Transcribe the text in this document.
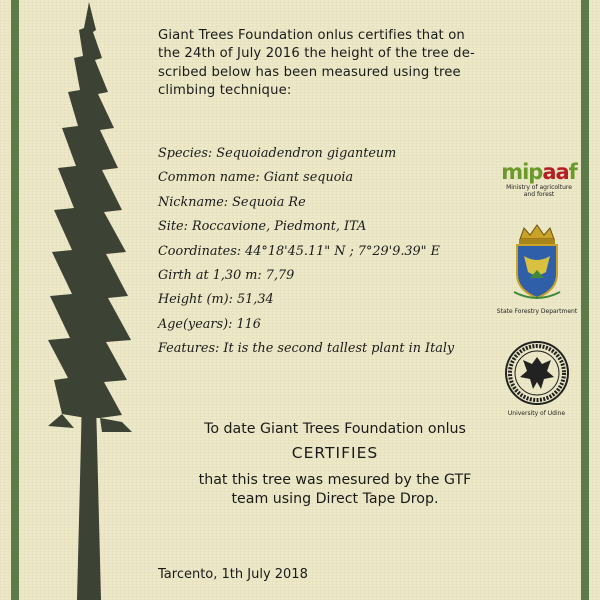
Giant Trees Foundation onlus certifies that on
the 24th of July 2016 the height of the tree de-
scribed below has been measured using tree
climbing technique:
Species: Sequoiadendron giganteum
Common name: Giant sequoia
Nickname: Sequoia Re
Site: Roccavione, Piedmont, ITA
Coordinates: 44°18'45.11" N ; 7°29'9.39" E
Girth at 1,30 m: 7,79
Height (m): 51,34
Age(years): 116
Features: It is the second tallest plant in Italy
To date Giant Trees Foundation onlus
CERTIFIES
that this tree was mesured by the GTF
team using Direct Tape Drop.
Tarcento, 1th July 2018
mipaaf
Ministry of agricolture
and forest
State Forestry Department
University of Udine
